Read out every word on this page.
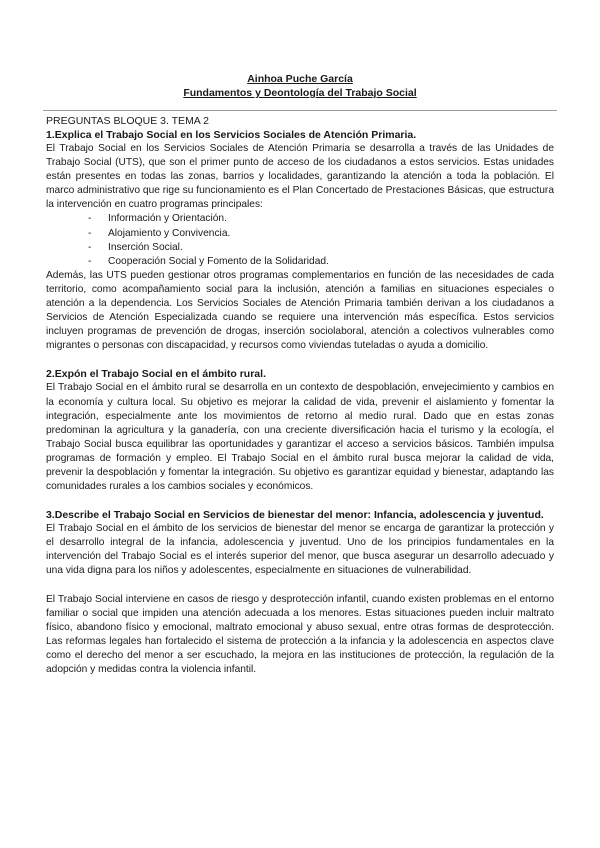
Ainhoa Puche García
Fundamentos y Deontología del Trabajo Social
PREGUNTAS BLOQUE 3. TEMA 2
1.Explica el Trabajo Social en los Servicios Sociales de Atención Primaria.

El Trabajo Social en los Servicios Sociales de Atención Primaria se desarrolla a través de las Unidades de Trabajo Social (UTS), que son el primer punto de acceso de los ciudadanos a estos servicios. Estas unidades están presentes en todas las zonas, barrios y localidades, garantizando la atención a toda la población. El marco administrativo que rige su funcionamiento es el Plan Concertado de Prestaciones Básicas, que estructura la intervención en cuatro programas principales:

- Información y Orientación.
- Alojamiento y Convivencia.
- Inserción Social.
- Cooperación Social y Fomento de la Solidaridad.

Además, las UTS pueden gestionar otros programas complementarios en función de las necesidades de cada territorio, como acompañamiento social para la inclusión, atención a familias en situaciones especiales o atención a la dependencia. Los Servicios Sociales de Atención Primaria también derivan a los ciudadanos a Servicios de Atención Especializada cuando se requiere una intervención más específica. Estos servicios incluyen programas de prevención de drogas, inserción sociolaboral, atención a colectivos vulnerables como migrantes o personas con discapacidad, y recursos como viviendas tuteladas o ayuda a domicilio.

2.Expón el Trabajo Social en el ámbito rural.

El Trabajo Social en el ámbito rural se desarrolla en un contexto de despoblación, envejecimiento y cambios en la economía y cultura local. Su objetivo es mejorar la calidad de vida, prevenir el aislamiento y fomentar la integración, especialmente ante los movimientos de retorno al medio rural. Dado que en estas zonas predominan la agricultura y la ganadería, con una creciente diversificación hacia el turismo y la ecología, el Trabajo Social busca equilibrar las oportunidades y garantizar el acceso a servicios básicos. También impulsa programas de formación y empleo. El Trabajo Social en el ámbito rural busca mejorar la calidad de vida, prevenir la despoblación y fomentar la integración. Su objetivo es garantizar equidad y bienestar, adaptando las comunidades rurales a los cambios sociales y económicos.

3.Describe el Trabajo Social en Servicios de bienestar del menor: Infancia, adolescencia y juventud.

El Trabajo Social en el ámbito de los servicios de bienestar del menor se encarga de garantizar la protección y el desarrollo integral de la infancia, adolescencia y juventud. Uno de los principios fundamentales en la intervención del Trabajo Social es el interés superior del menor, que busca asegurar un desarrollo adecuado y una vida digna para los niños y adolescentes, especialmente en situaciones de vulnerabilidad.

El Trabajo Social interviene en casos de riesgo y desprotección infantil, cuando existen problemas en el entorno familiar o social que impiden una atención adecuada a los menores. Estas situaciones pueden incluir maltrato físico, abandono físico y emocional, maltrato emocional y abuso sexual, entre otras formas de desprotección. Las reformas legales han fortalecido el sistema de protección a la infancia y la adolescencia en aspectos clave como el derecho del menor a ser escuchado, la mejora en las instituciones de protección, la regulación de la adopción y medidas contra la violencia infantil.
